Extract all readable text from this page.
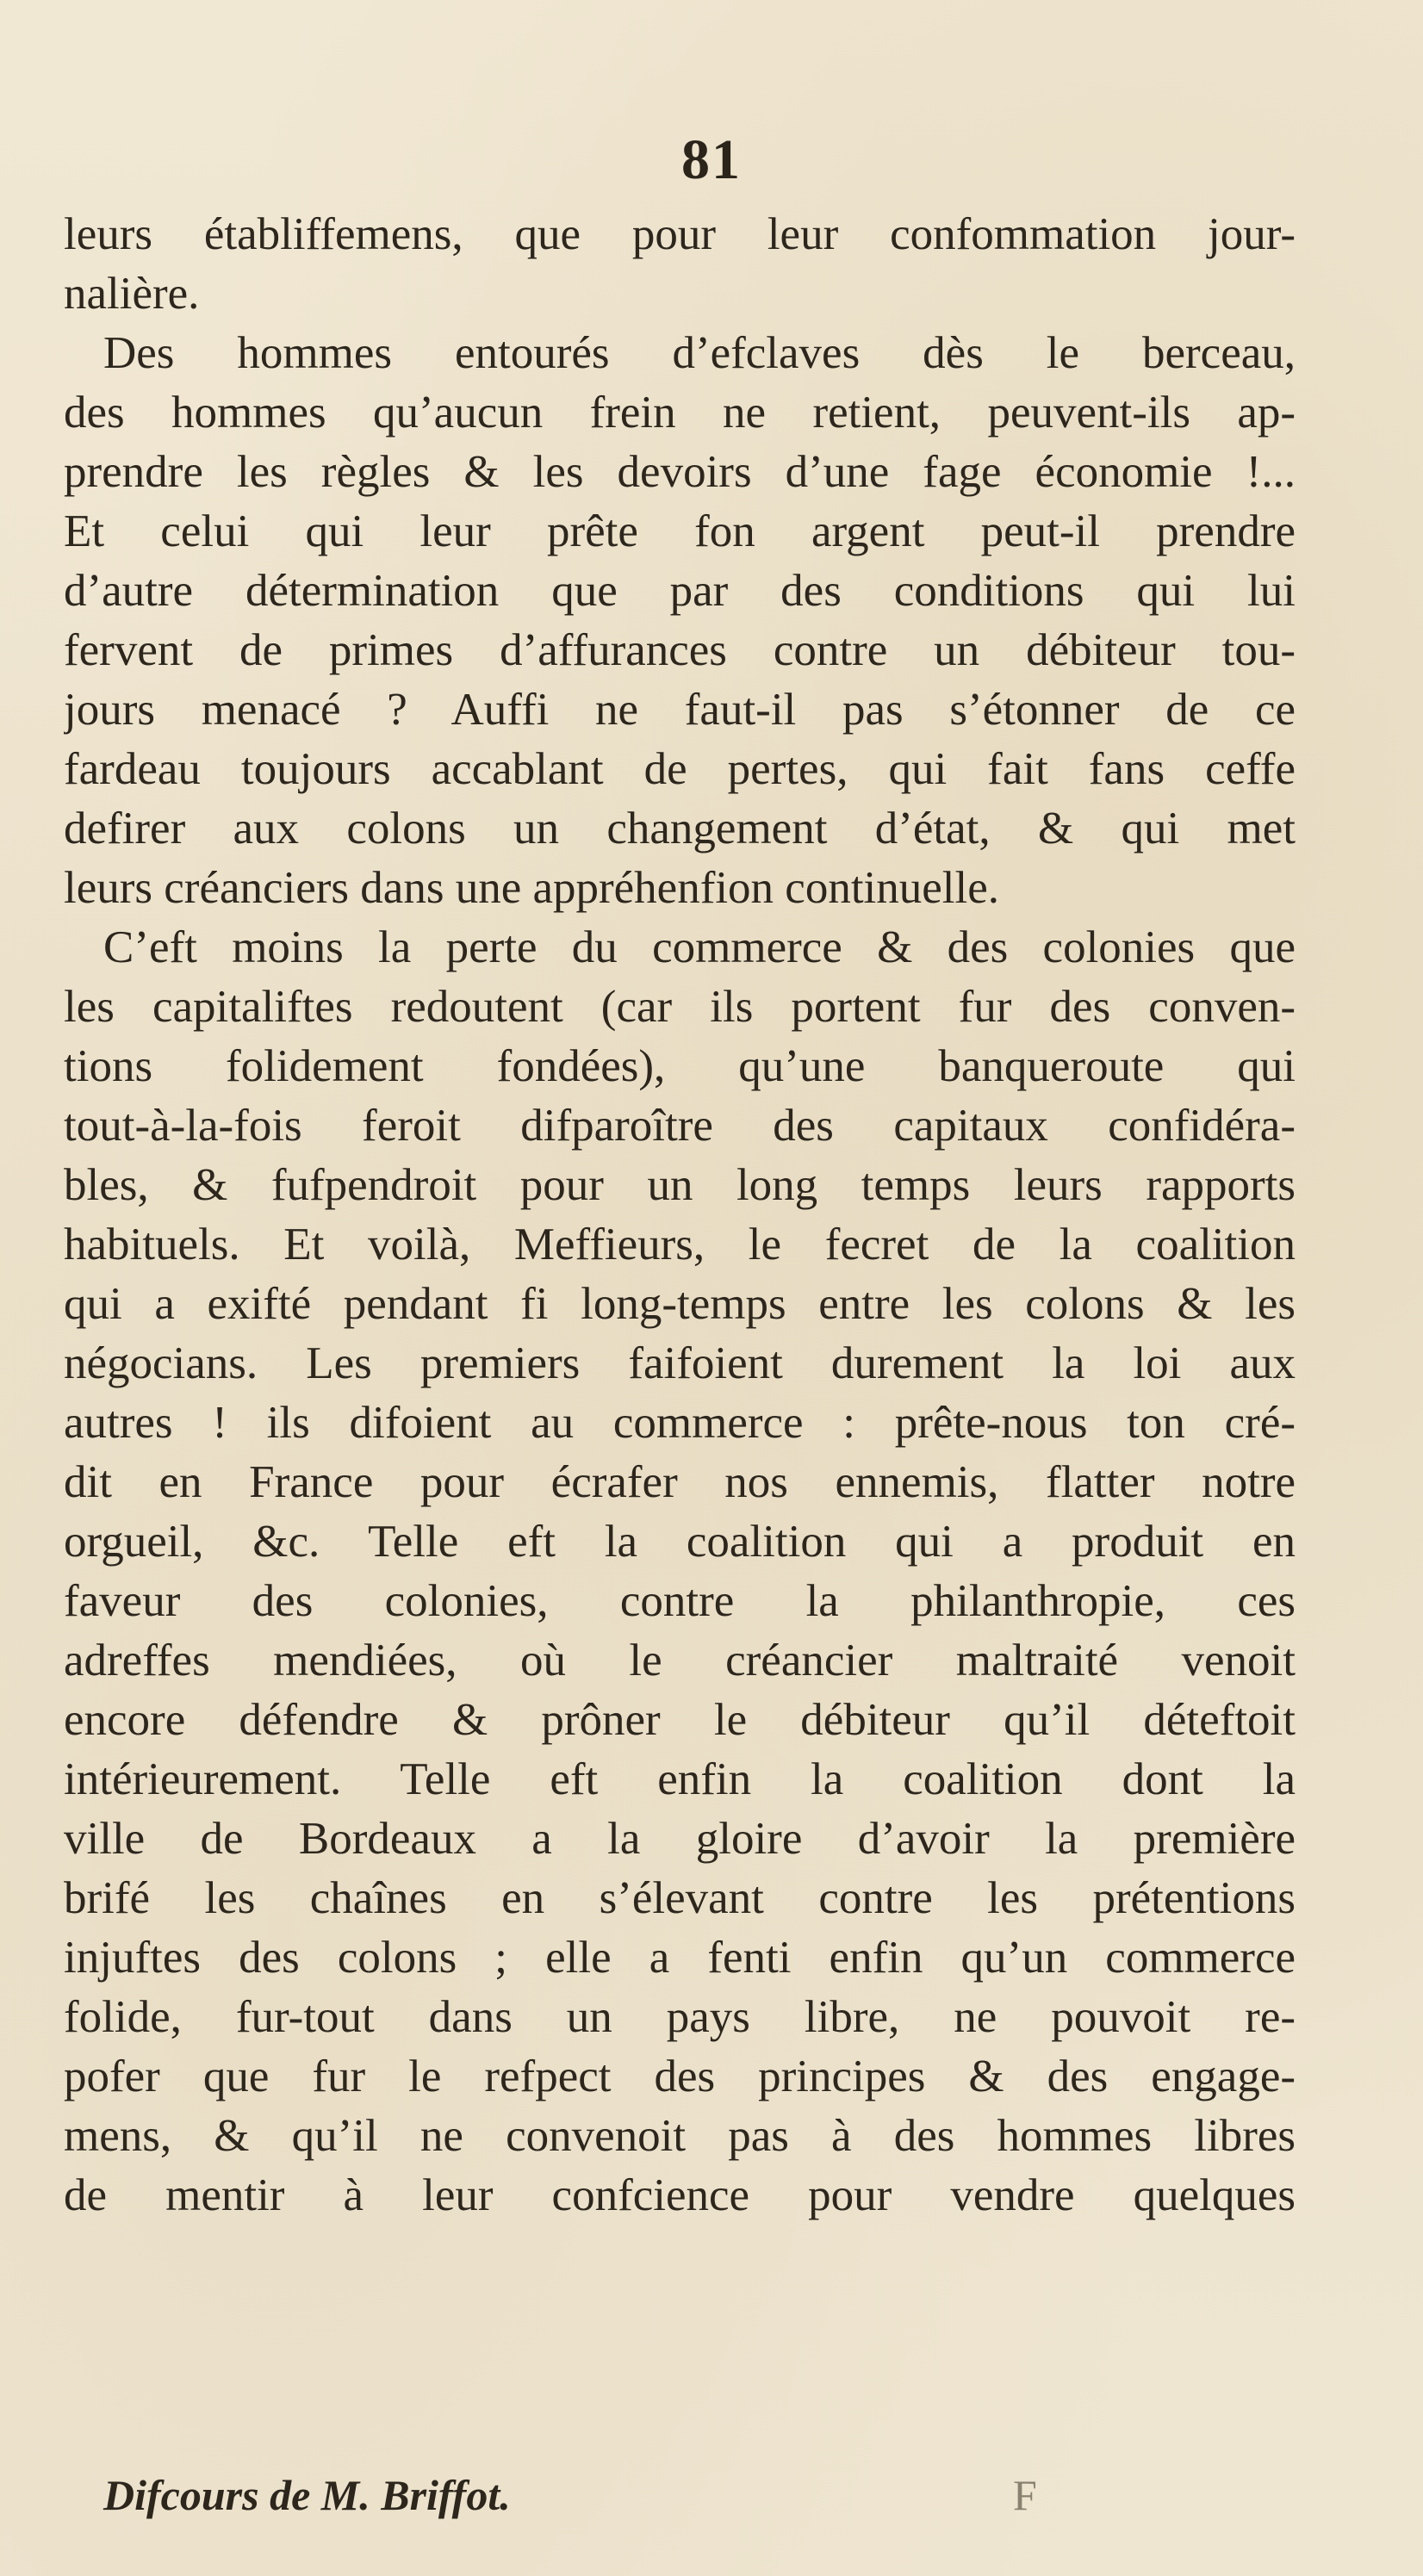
81
leurs établiffemens, que pour leur confommation jour-
nalière.
Des hommes entourés d’efclaves dès le berceau,
des hommes qu’aucun frein ne retient, peuvent-ils ap-
prendre les règles & les devoirs d’une fage économie !...
Et celui qui leur prête fon argent peut-il prendre
d’autre détermination que par des conditions qui lui
fervent de primes d’affurances contre un débiteur tou-
jours menacé ? Auffi ne faut-il pas s’étonner de ce
fardeau toujours accablant de pertes, qui fait fans ceffe
defirer aux colons un changement d’état, & qui met
leurs créanciers dans une appréhenfion continuelle.
C’eft moins la perte du commerce & des colonies que
les capitaliftes redoutent (car ils portent fur des conven-
tions folidement fondées), qu’une banqueroute qui
tout-à-la-fois feroit difparoître des capitaux confidéra-
bles, & fufpendroit pour un long temps leurs rapports
habituels. Et voilà, Meffieurs, le fecret de la coalition
qui a exifté pendant fi long-temps entre les colons & les
négocians. Les premiers faifoient durement la loi aux
autres ! ils difoient au commerce : prête-nous ton cré-
dit en France pour écrafer nos ennemis, flatter notre
orgueil, &c. Telle eft la coalition qui a produit en
faveur des colonies, contre la philanthropie, ces
adreffes mendiées, où le créancier maltraité venoit
encore défendre & prôner le débiteur qu’il déteftoit
intérieurement. Telle eft enfin la coalition dont la
ville de Bordeaux a la gloire d’avoir la première
brifé les chaînes en s’élevant contre les prétentions
injuftes des colons ; elle a fenti enfin qu’un commerce
folide, fur-tout dans un pays libre, ne pouvoit re-
pofer que fur le refpect des principes & des engage-
mens, & qu’il ne convenoit pas à des hommes libres
de mentir à leur confcience pour vendre quelques
Difcours de M. Briffot.	F
